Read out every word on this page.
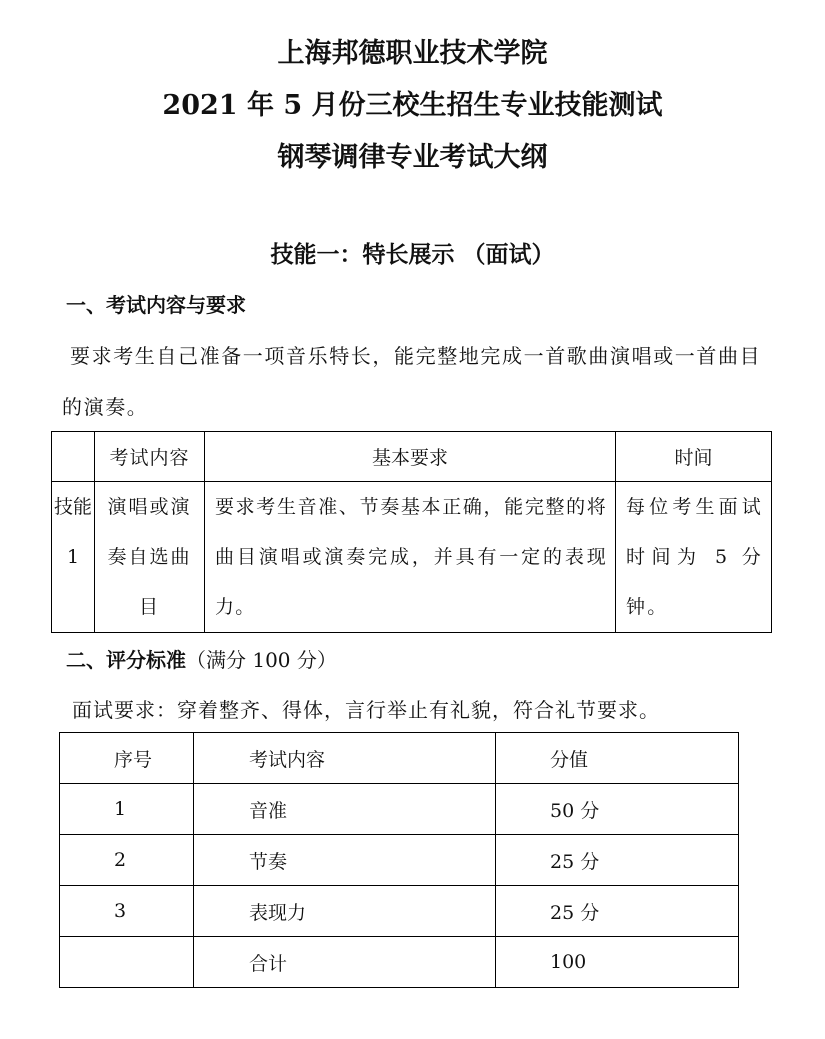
上海邦德职业技术学院
2021 年 5 月份三校生招生专业技能测试
钢琴调律专业考试大纲
技能一：特长展示 （面试）
一、考试内容与要求
要求考生自己准备一项音乐特长，能完整地完成一首歌曲演唱或一首曲目
的演奏。
	考试内容	基本要求	时间
技能1	演唱或演奏自选曲目	要求考生音准、节奏基本正确，能完整的将曲目演唱或演奏完成，并具有一定的表现力。	每位考生面试时间为 5 分钟。
二、评分标准（满分 100 分）
面试要求：穿着整齐、得体，言行举止有礼貌，符合礼节要求。
序号	考试内容	分值
1	音准	50 分
2	节奏	25 分
3	表现力	25 分
	合计	100
